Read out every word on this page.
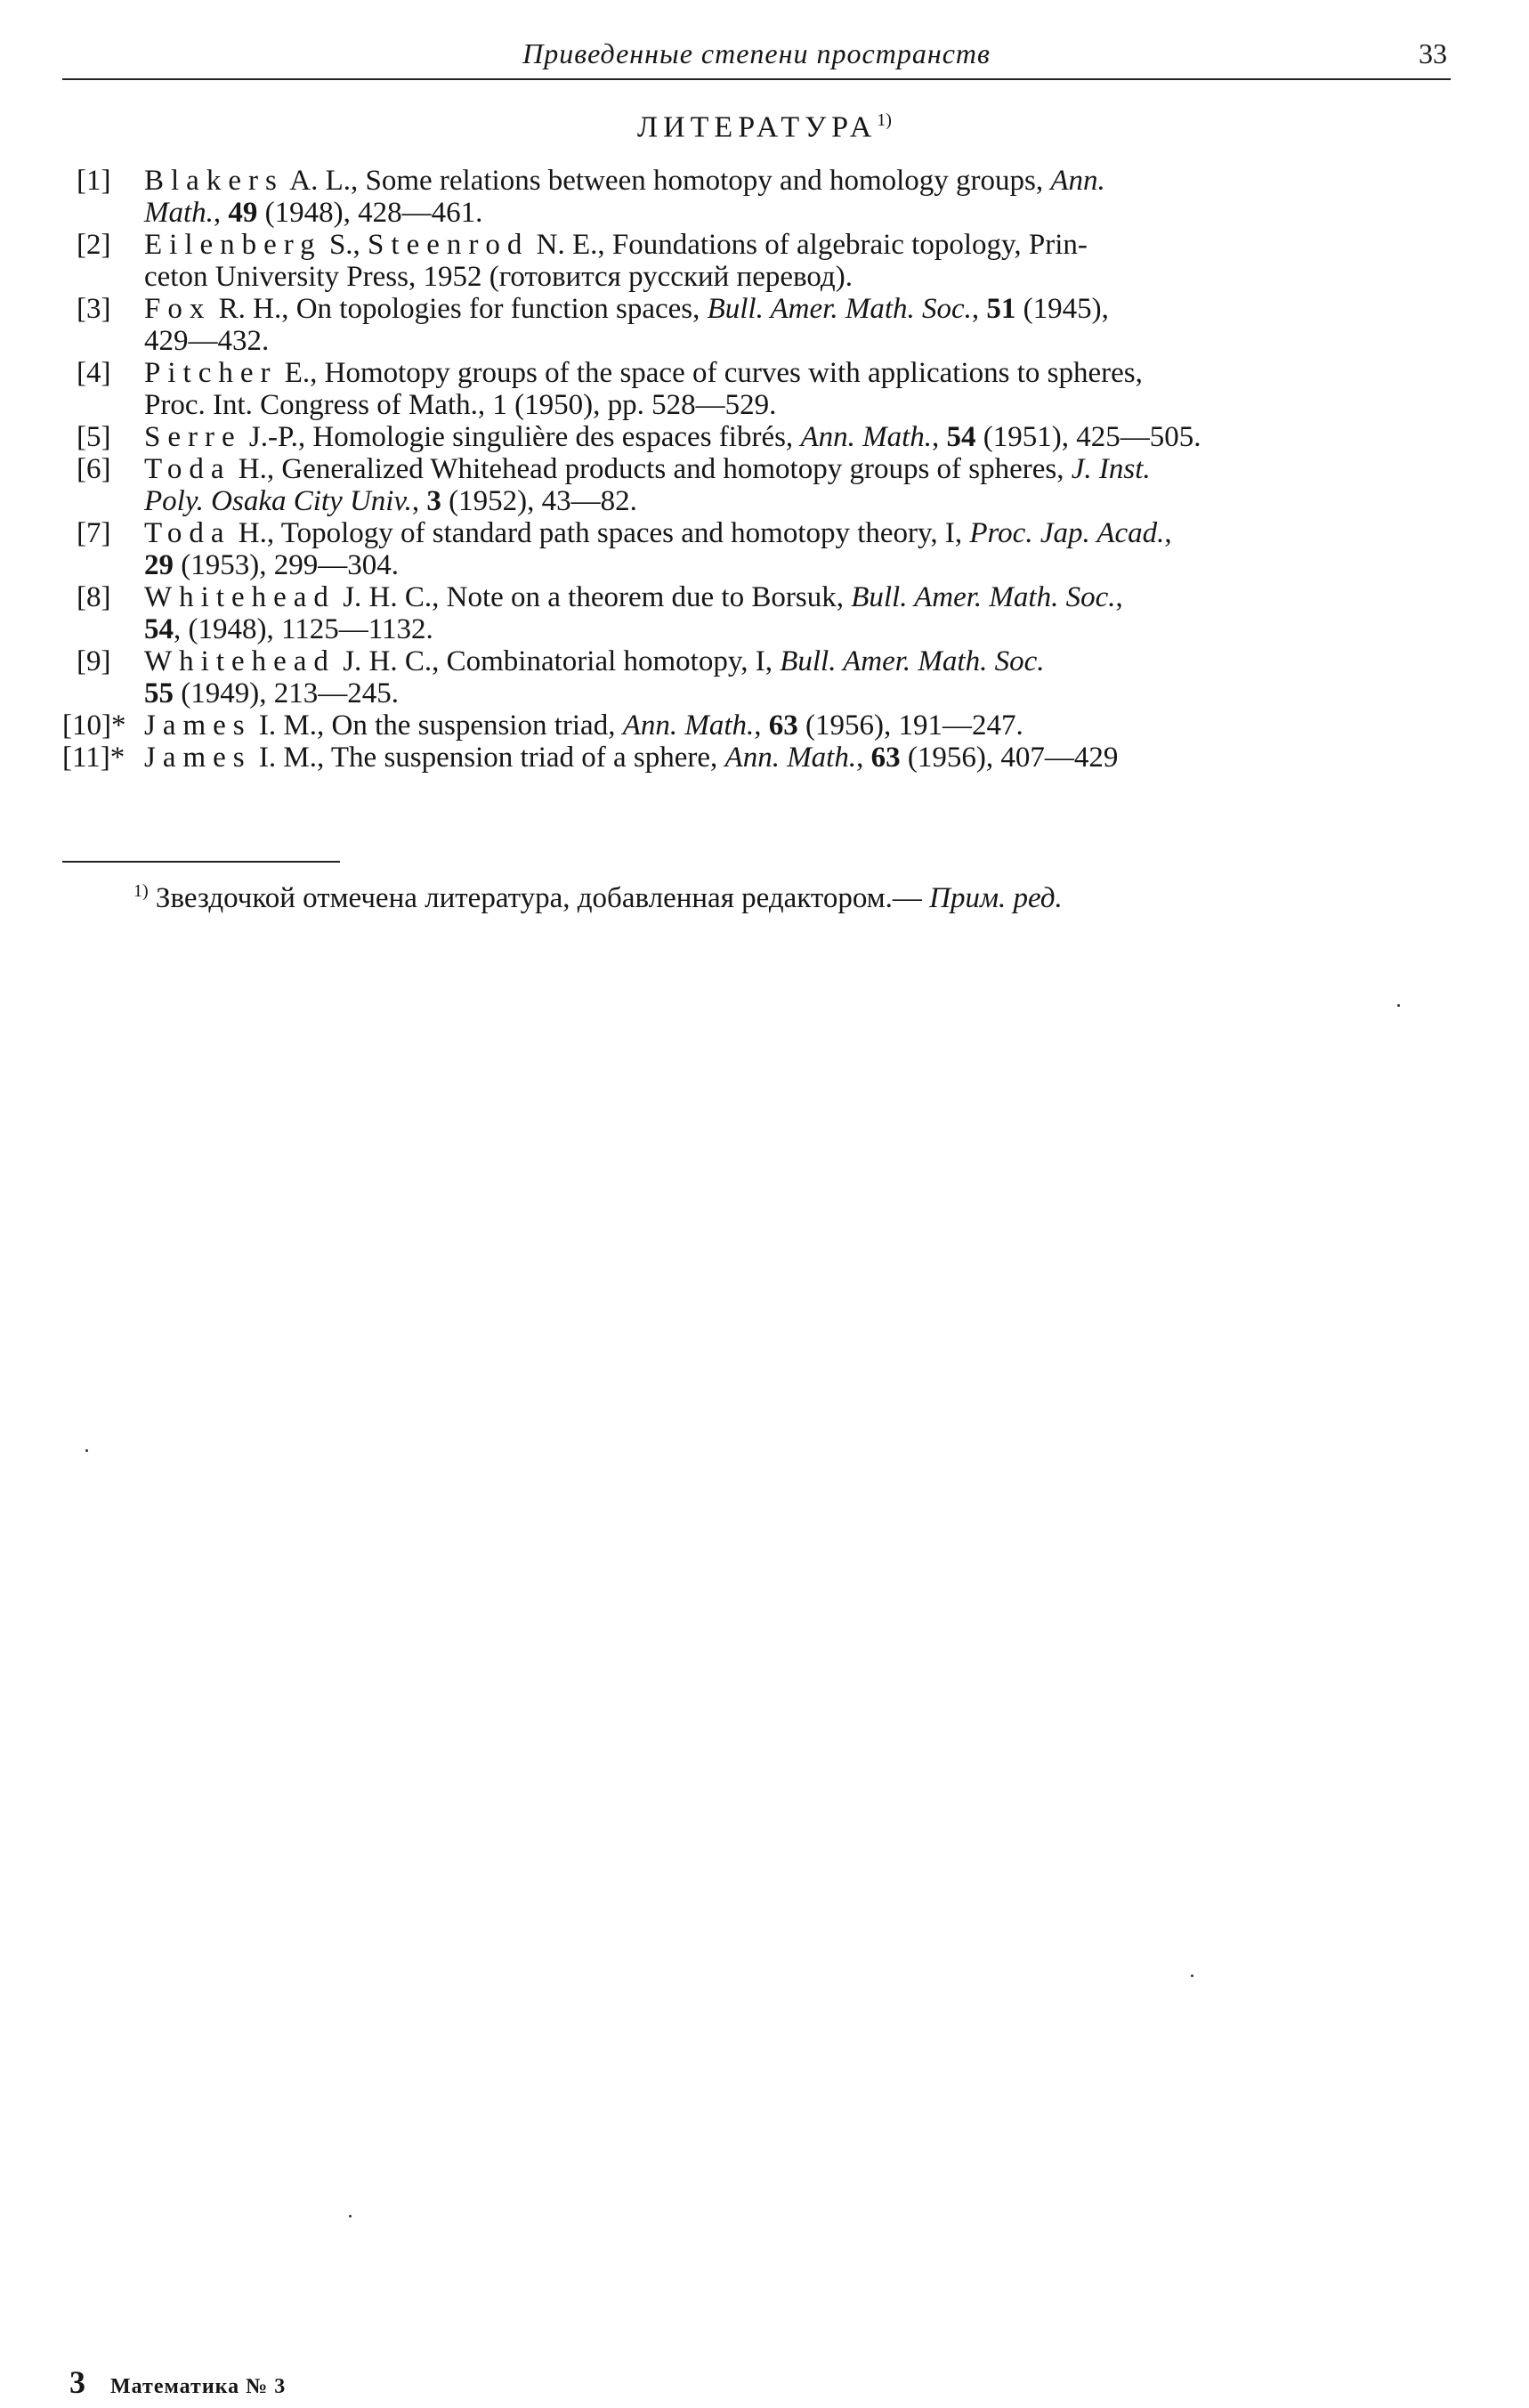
Приведенные степени пространств	33
ЛИТЕРАТУРА$^{1)}$
[1] Blakers A. L., Some relations between homotopy and homology groups, Ann.
Math., 49 (1948), 428—461.
[2] Eilenberg S., Steenrod N. E., Foundations of algebraic topology, Prin-
ceton University Press, 1952 (готовится русский перевод).
[3] Fox R. H., On topologies for function spaces, Bull. Amer. Math. Soc., 51 (1945),
429—432.
[4] Pitcher E., Homotopy groups of the space of curves with applications to spheres,
Proc. Int. Congress of Math., 1 (1950), pp. 528—529.
[5] Serre J.-P., Homologie singulière des espaces fibrés, Ann. Math., 54 (1951), 425—505.
[6] Toda H., Generalized Whitehead products and homotopy groups of spheres, J. Inst.
Poly. Osaka City Univ., 3 (1952), 43—82.
[7] Toda H., Topology of standard path spaces and homotopy theory, I, Proc. Jap. Acad.,
29 (1953), 299—304.
[8] Whitehead J. H. C., Note on a theorem due to Borsuk, Bull. Amer. Math. Soc.,
54, (1948), 1125—1132.
[9] Whitehead J. H. C., Combinatorial homotopy, I, Bull. Amer. Math. Soc.
55 (1949), 213—245.
[10]* James I. M., On the suspension triad, Ann. Math., 63 (1956), 191—247.
[11]* James I. M., The suspension triad of a sphere, Ann. Math., 63 (1956), 407—429
$^{1)}$ Звездочкой отмечена литература, добавленная редактором.— Прим. ред.
3 Математика № 3
